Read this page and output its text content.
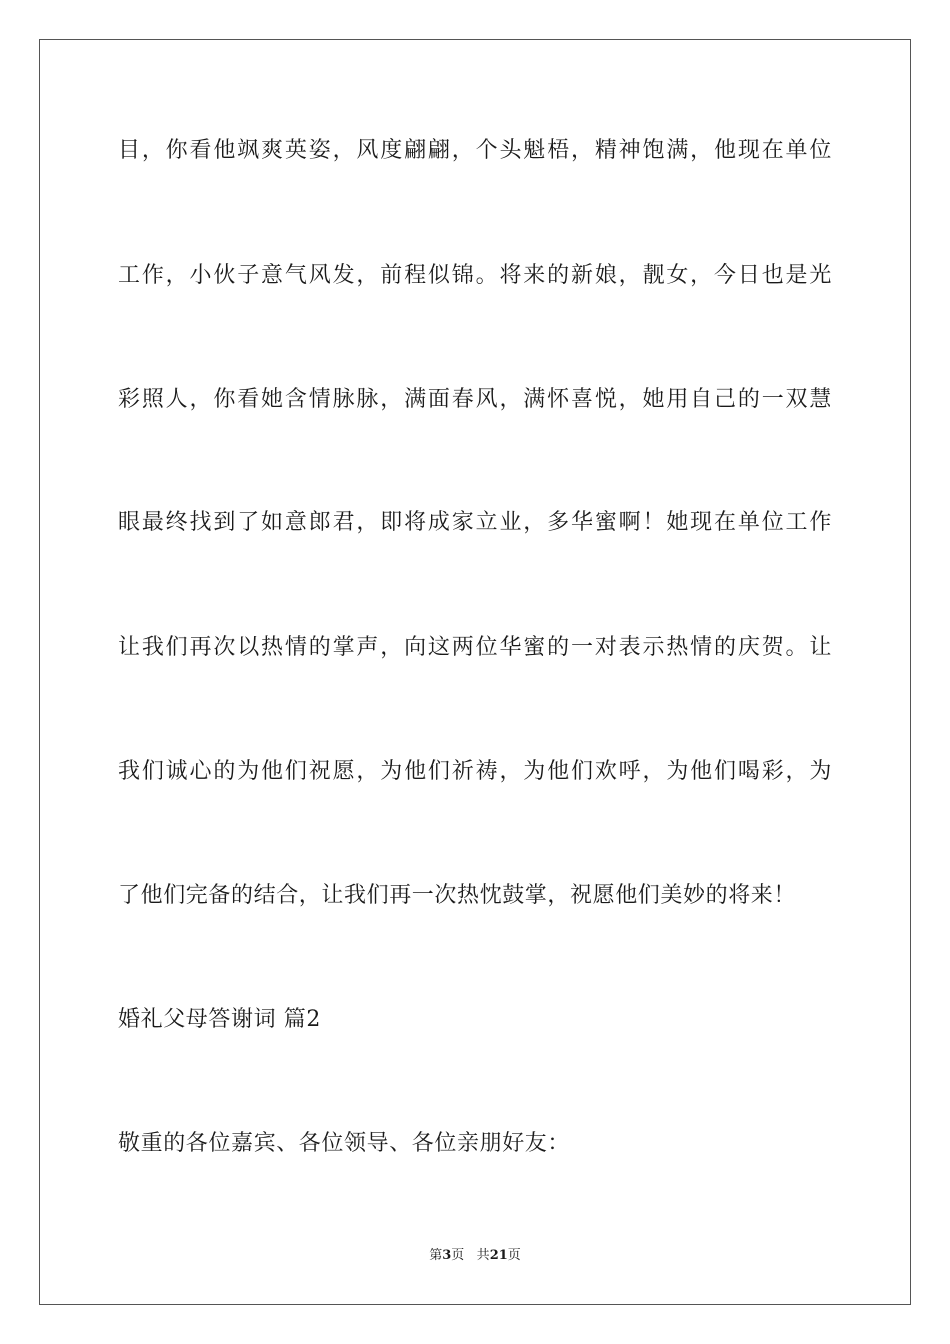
目，你看他飒爽英姿，风度翩翩，个头魁梧，精神饱满，他现在单位
工作，小伙子意气风发，前程似锦。将来的新娘，靓女，今日也是光
彩照人，你看她含情脉脉，满面春风，满怀喜悦，她用自己的一双慧
眼最终找到了如意郎君，即将成家立业，多华蜜啊！她现在单位工作
让我们再次以热情的掌声，向这两位华蜜的一对表示热情的庆贺。让
我们诚心的为他们祝愿，为他们祈祷，为他们欢呼，为他们喝彩，为
了他们完备的结合，让我们再一次热忱鼓掌，祝愿他们美妙的将来！
婚礼父母答谢词 篇2
敬重的各位嘉宾、各位领导、各位亲朋好友：
第3页 共21页
